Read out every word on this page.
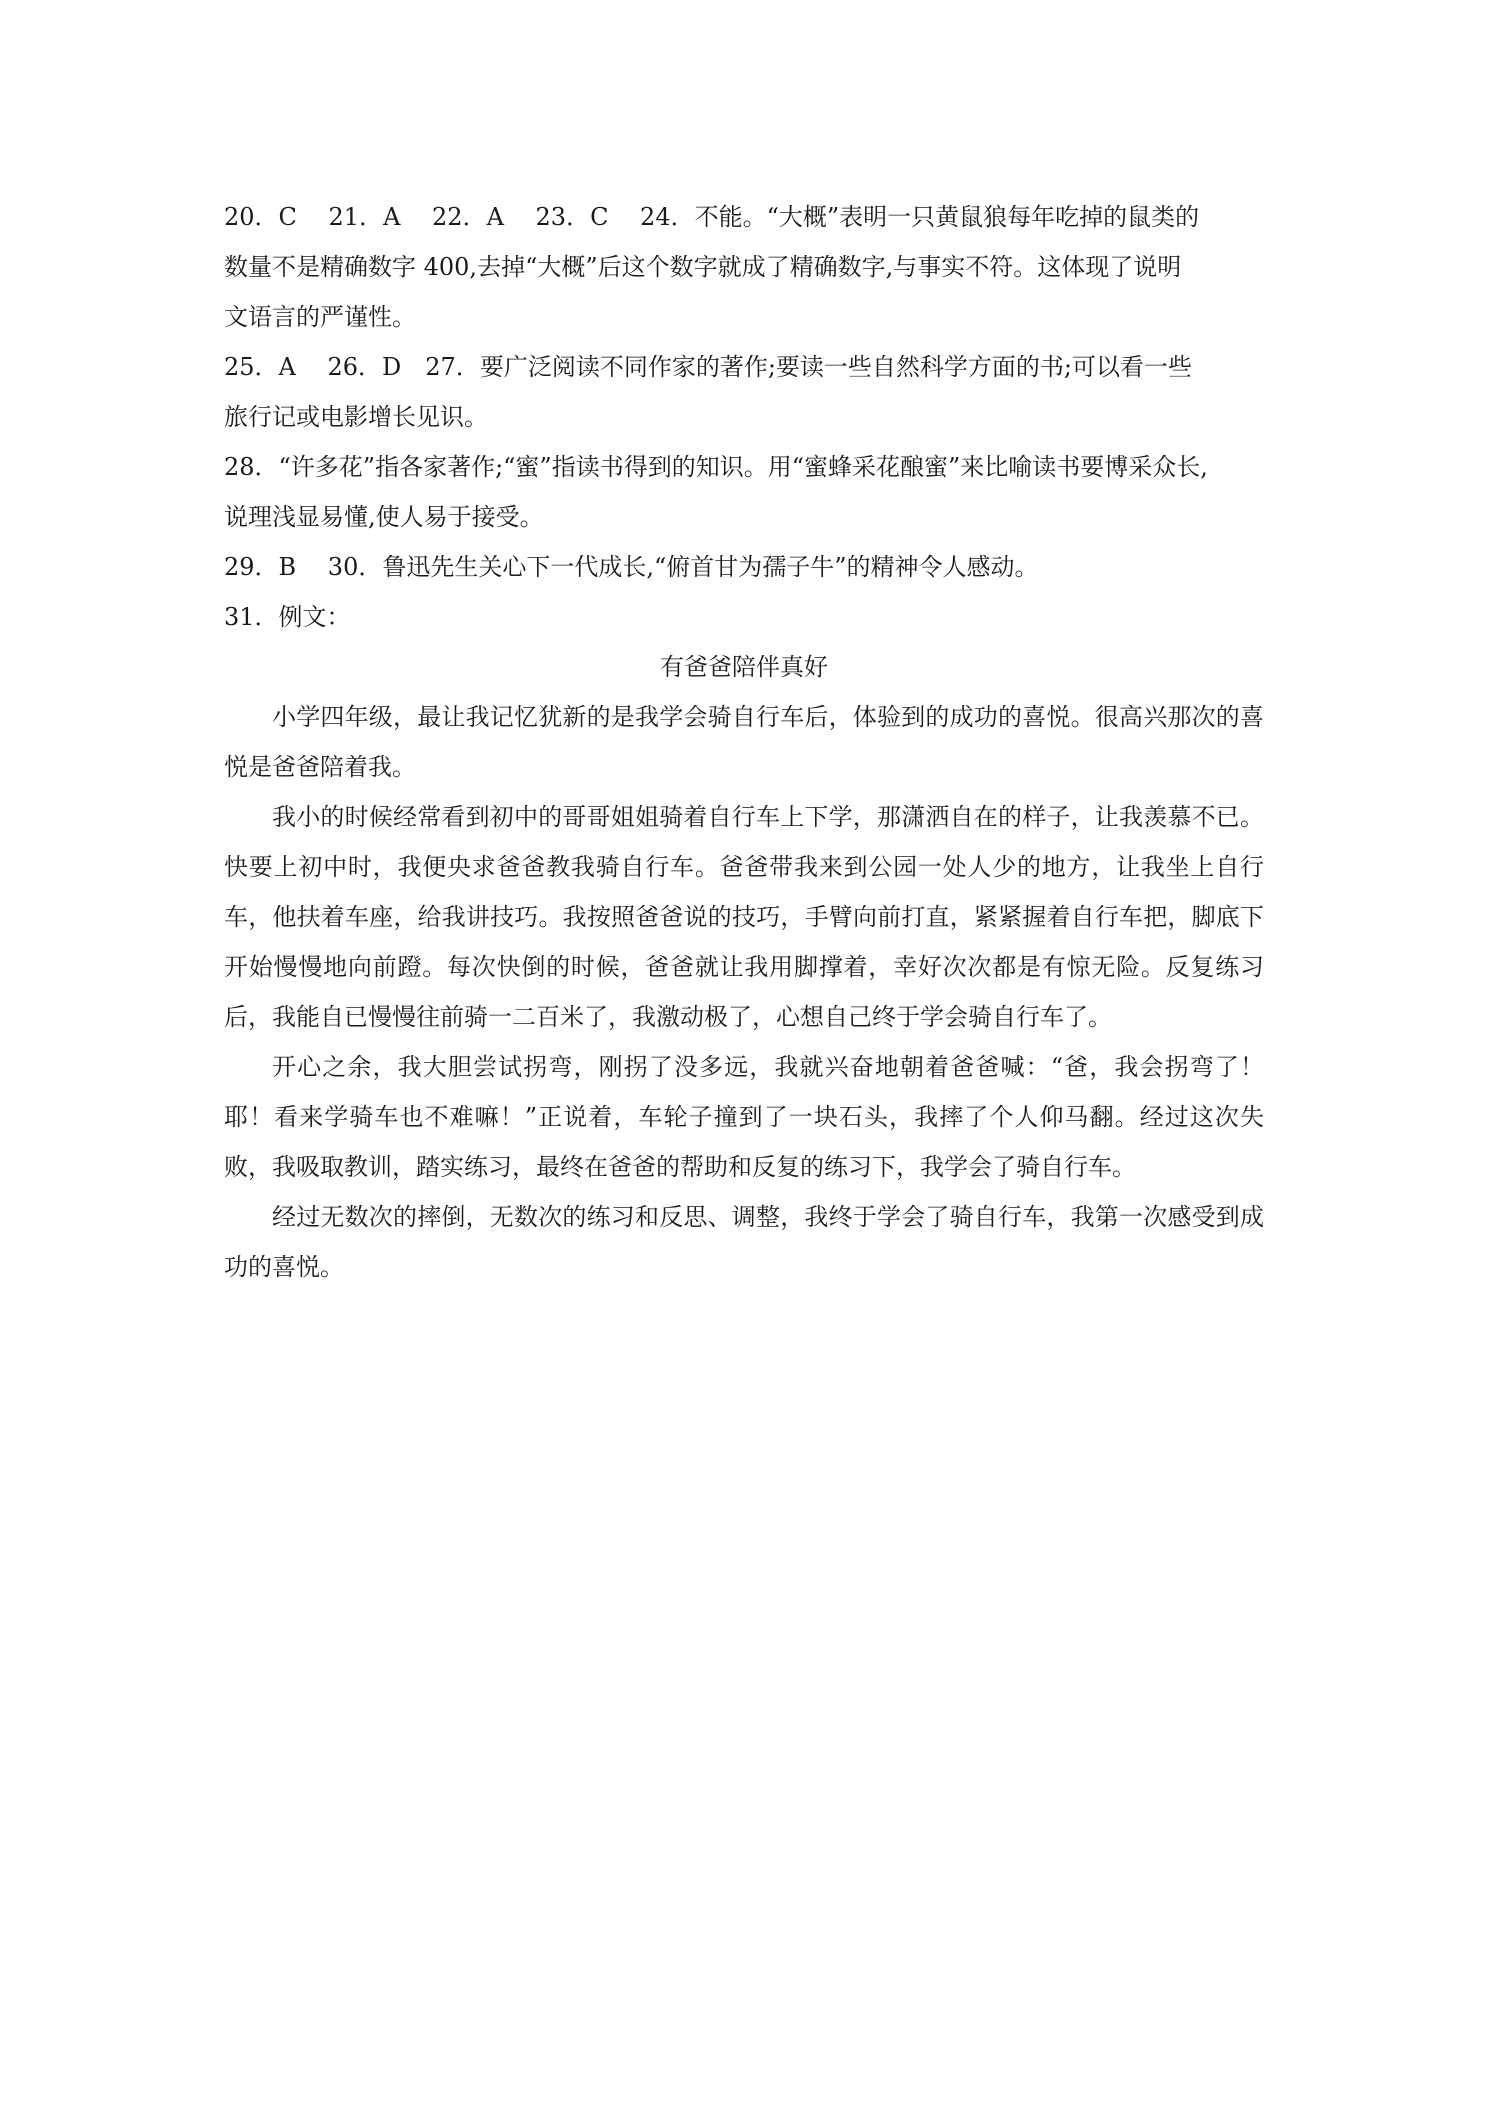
20．C　 21．A　 22．A　 23．C　 24．不能。“大概”表明一只黄鼠狼每年吃掉的鼠类的
数量不是精确数字 400,去掉“大概”后这个数字就成了精确数字,与事实不符。这体现了说明
文语言的严谨性。
25．A　 26．D　27．要广泛阅读不同作家的著作;要读一些自然科学方面的书;可以看一些
旅行记或电影增长见识。
28．“许多花”指各家著作;“蜜”指读书得到的知识。用“蜜蜂采花酿蜜”来比喻读书要博采众长,
说理浅显易懂,使人易于接受。
29．B　 30．鲁迅先生关心下一代成长,“俯首甘为孺子牛”的精神令人感动。
31．例文：
有爸爸陪伴真好

小学四年级，最让我记忆犹新的是我学会骑自行车后，体验到的成功的喜悦。很高兴那次的喜悦是爸爸陪着我。

我小的时候经常看到初中的哥哥姐姐骑着自行车上下学，那潇洒自在的样子，让我羡慕不已。快要上初中时，我便央求爸爸教我骑自行车。爸爸带我来到公园一处人少的地方，让我坐上自行车，他扶着车座，给我讲技巧。我按照爸爸说的技巧，手臂向前打直，紧紧握着自行车把，脚底下开始慢慢地向前蹬。每次快倒的时候，爸爸就让我用脚撑着，幸好次次都是有惊无险。反复练习后，我能自已慢慢往前骑一二百米了，我激动极了，心想自己终于学会骑自行车了。

开心之余，我大胆尝试拐弯，刚拐了没多远，我就兴奋地朝着爸爸喊：“爸，我会拐弯了！耶！看来学骑车也不难嘛！”正说着，车轮子撞到了一块石头，我摔了个人仰马翻。经过这次失败，我吸取教训，踏实练习，最终在爸爸的帮助和反复的练习下，我学会了骑自行车。

经过无数次的摔倒，无数次的练习和反思、调整，我终于学会了骑自行车，我第一次感受到成功的喜悦。
